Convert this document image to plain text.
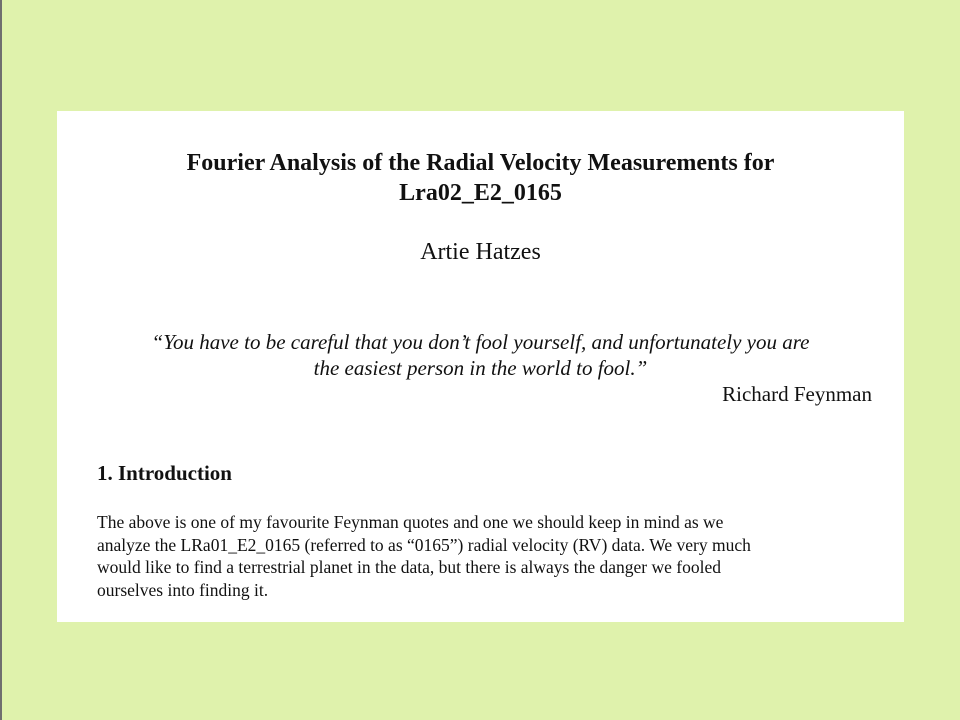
Fourier Analysis of the Radial Velocity Measurements for
Lra02_E2_0165
Artie Hatzes
“You have to be careful that you don’t fool yourself, and unfortunately you are
the easiest person in the world to fool.”
Richard Feynman
1. Introduction
The above is one of my favourite Feynman quotes and one we should keep in mind as we
analyze the LRa01_E2_0165 (referred to as “0165”) radial velocity (RV) data. We very much
would like to find a terrestrial planet in the data, but there is always the danger we fooled
ourselves into finding it.
